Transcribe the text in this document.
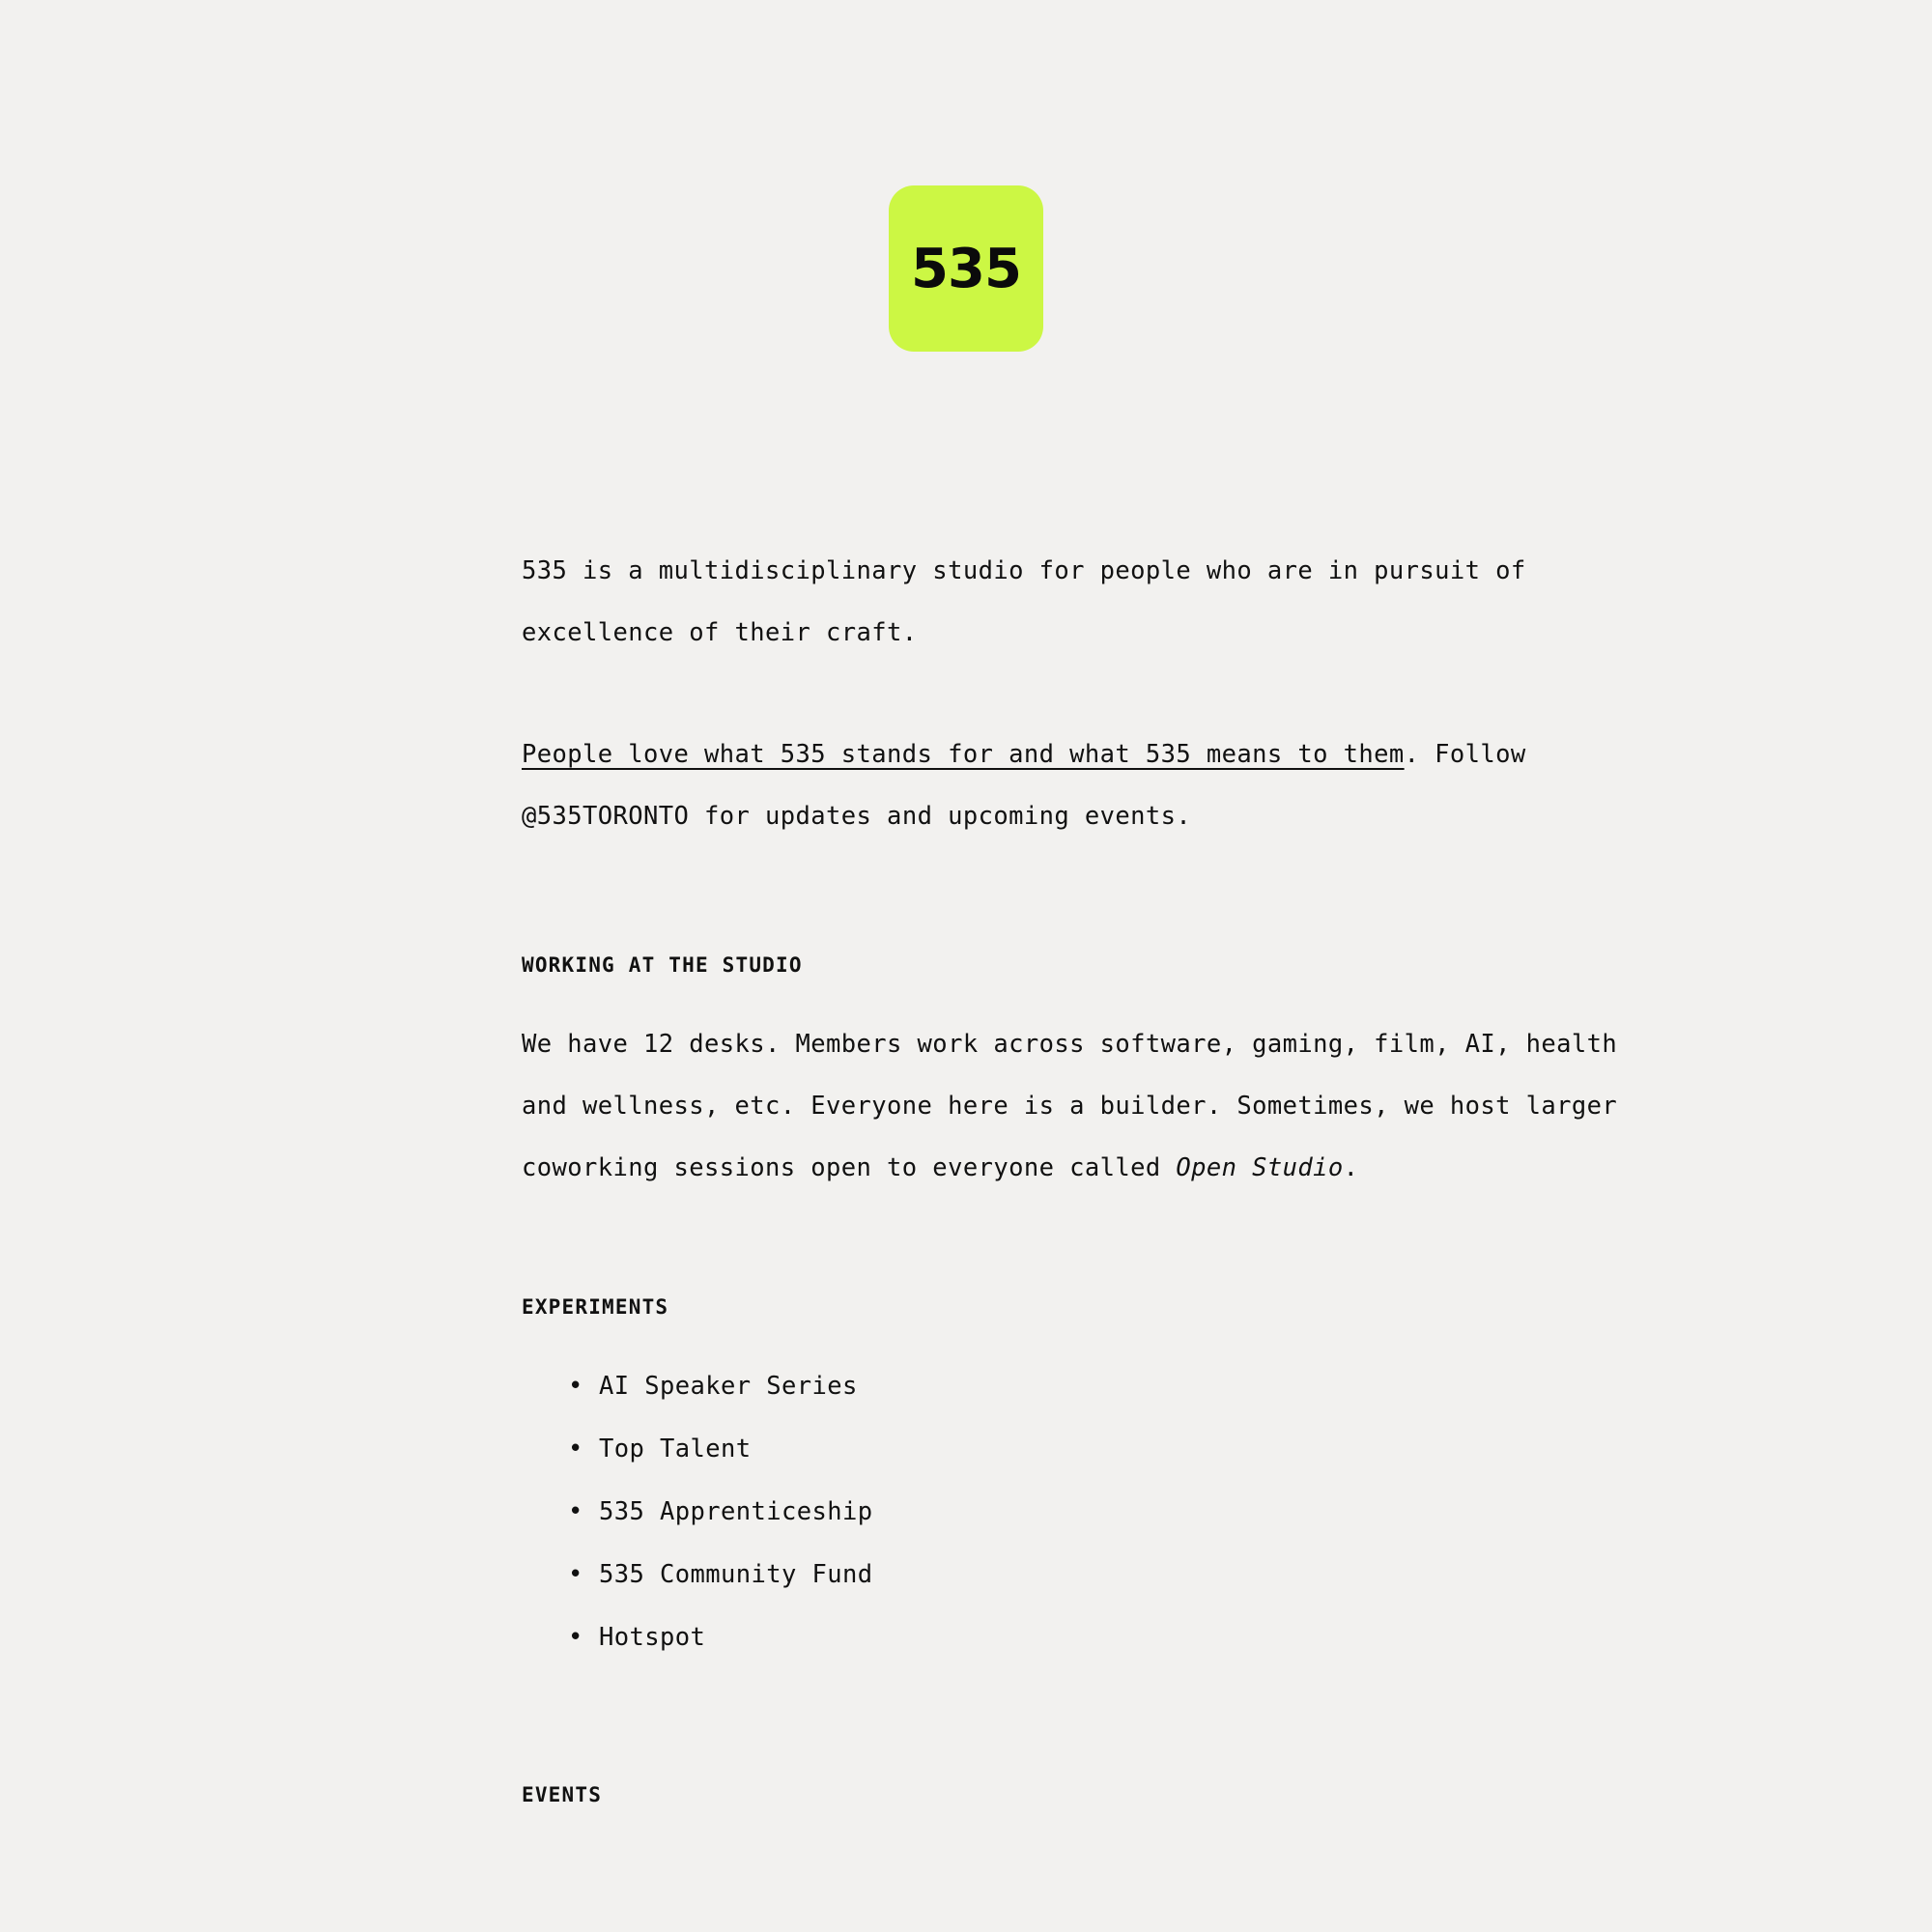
535

535 is a multidisciplinary studio for people who are in pursuit of excellence of their craft.

People love what 535 stands for and what 535 means to them. Follow @535TORONTO for updates and upcoming events.

WORKING AT THE STUDIO

We have 12 desks. Members work across software, gaming, film, AI, health and wellness, etc. Everyone here is a builder. Sometimes, we host larger coworking sessions open to everyone called Open Studio.

EXPERIMENTS
• AI Speaker Series
• Top Talent
• 535 Apprenticeship
• 535 Community Fund
• Hotspot
EVENTS
